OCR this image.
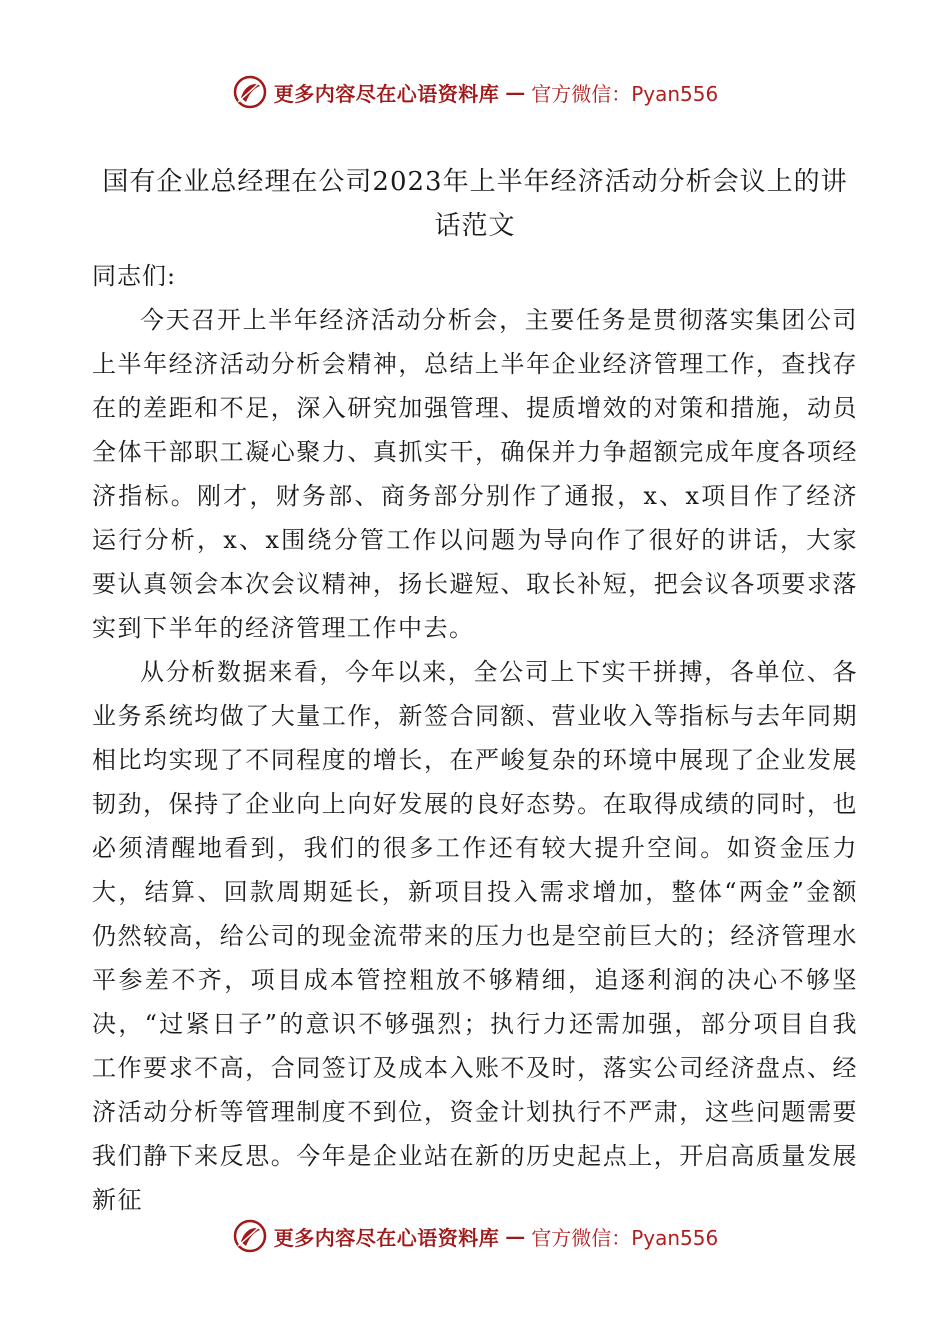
更多内容尽在心语资料库 — 官方微信：Pyan556
国有企业总经理在公司2023年上半年经济活动分析会议上的讲话范文
同志们:

今天召开上半年经济活动分析会，主要任务是贯彻落实集团公司上半年经济活动分析会精神，总结上半年企业经济管理工作，查找存在的差距和不足，深入研究加强管理、提质增效的对策和措施，动员全体干部职工凝心聚力、真抓实干，确保并力争超额完成年度各项经济指标。刚才，财务部、商务部分别作了通报，x、x项目作了经济运行分析，x、x围绕分管工作以问题为导向作了很好的讲话，大家要认真领会本次会议精神，扬长避短、取长补短，把会议各项要求落实到下半年的经济管理工作中去。

从分析数据来看，今年以来，全公司上下实干拼搏，各单位、各业务系统均做了大量工作，新签合同额、营业收入等指标与去年同期相比均实现了不同程度的增长，在严峻复杂的环境中展现了企业发展韧劲，保持了企业向上向好发展的良好态势。在取得成绩的同时，也必须清醒地看到，我们的很多工作还有较大提升空间。如资金压力大，结算、回款周期延长，新项目投入需求增加，整体“两金”金额仍然较高，给公司的现金流带来的压力也是空前巨大的；经济管理水平参差不齐，项目成本管控粗放不够精细，追逐利润的决心不够坚决，“过紧日子”的意识不够强烈；执行力还需加强，部分项目自我工作要求不高，合同签订及成本入账不及时，落实公司经济盘点、经济活动分析等管理制度不到位，资金计划执行不严肃，这些问题需要我们静下来反思。今年是企业站在新的历史起点上，开启高质量发展新征

更多内容尽在心语资料库 — 官方微信：Pyan556
